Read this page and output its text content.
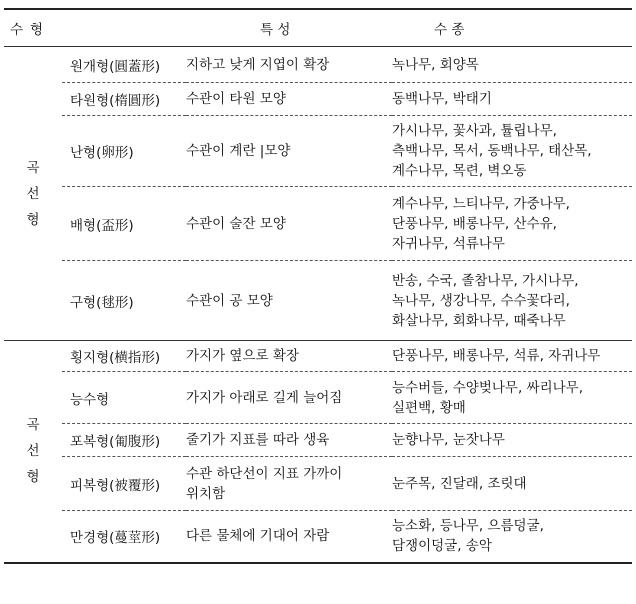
수 형		특 성	수 종

곡
선
형	원개형(圓蓋形)	지하고 낮게 지엽이 확장	녹나무, 회양목
	타원형(楕圓形)	수관이 타원 모양	동백나무, 박태기
	난형(卵形)	수관이 계란 |모양	가시나무, 꽃사과, 튤립나무,
측백나무, 목서, 동백나무, 태산목,
계수나무, 목련, 벽오동

	배형(盃形)	수관이 술잔 모양	계수나무, 느티나무, 가중나무,
단풍나무, 배롱나무, 산수유,
자귀나무, 석류나무

	구형(毬形)	수관이 공 모양	반송, 수국, 졸참나무, 가시나무,
녹나무, 생강나무, 수수꽃다리,
화살나무, 회화나무, 때죽나무

곡
선
형	횡지형(横指形)	가지가 옆으로 확장	단풍나무, 배롱나무, 석류, 자귀나무
	능수형	가지가 아래로 길게 늘어짐	능수버들, 수양벚나무, 싸리나무,
실편백, 황매

	포복형(匍腹形)	줄기가 지표를 따라 생육	눈향나무, 눈잣나무
	피복형(被覆形)	수관 하단선이 지표 가까이
위치함	눈주목, 진달래, 조릿대
	만경형(蔓莖形)	다른 물체에 기대어 자람	능소화, 등나무, 으름덩굴,
담쟁이덩굴, 송악
